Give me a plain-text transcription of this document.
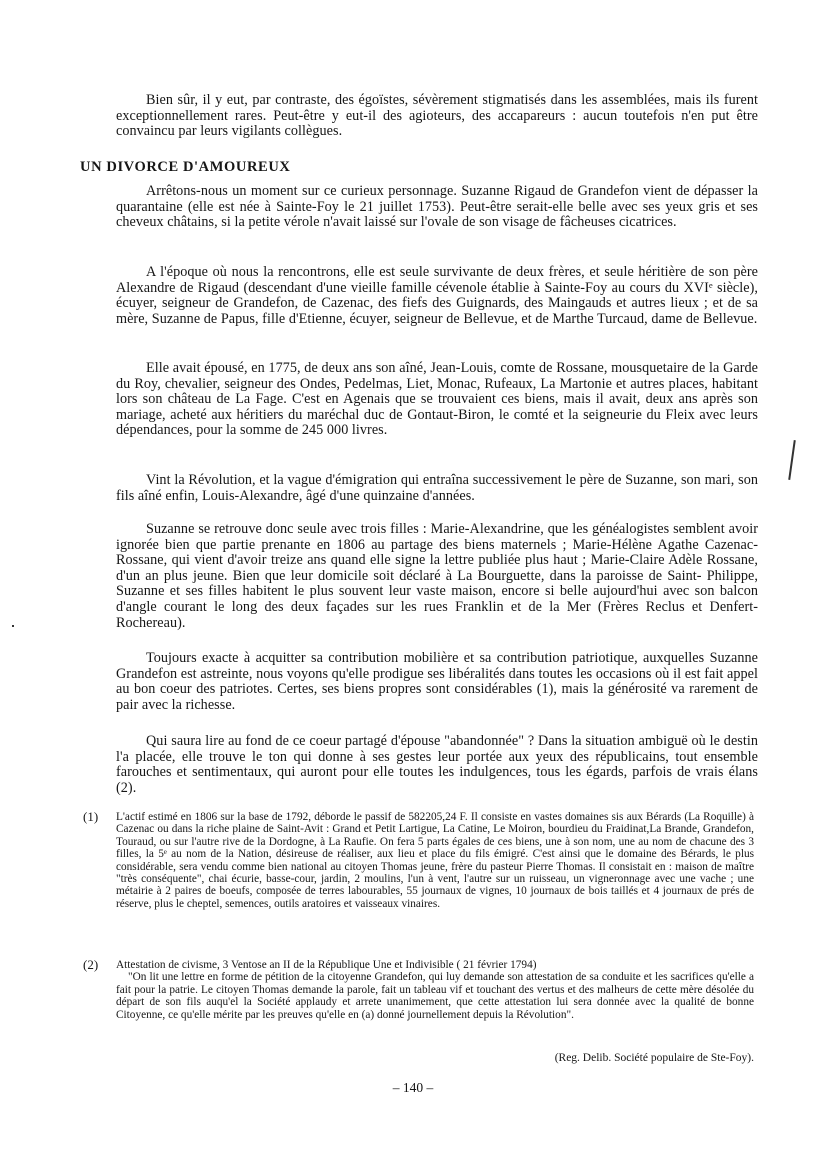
Bien sûr, il y eut, par contraste, des égoïstes, sévèrement stigmatisés dans les assemblées, mais ils furent exceptionnellement rares. Peut-être y eut-il des agioteurs, des accapareurs : aucun toutefois n'en put être convaincu par leurs vigilants collègues.

UN DIVORCE D'AMOUREUX

Arrêtons-nous un moment sur ce curieux personnage. Suzanne Rigaud de Grandefon vient de dépasser la quarantaine (elle est née à Sainte-Foy le 21 juillet 1753). Peut-être serait-elle belle avec ses yeux gris et ses cheveux châtains, si la petite vérole n'avait laissé sur l'ovale de son visage de fâcheuses cicatrices.

A l'époque où nous la rencontrons, elle est seule survivante de deux frères, et seule héritière de son père Alexandre de Rigaud (descendant d'une vieille famille cévenole établie à Sainte-Foy au cours du XVIᵉ siècle), écuyer, seigneur de Grandefon, de Cazenac, des fiefs des Guignards, des Maingauds et autres lieux ; et de sa mère, Suzanne de Papus, fille d'Etienne, écuyer, seigneur de Bellevue, et de Marthe Turcaud, dame de Bellevue.

Elle avait épousé, en 1775, de deux ans son aîné, Jean-Louis, comte de Rossane, mousquetaire de la Garde du Roy, chevalier, seigneur des Ondes, Pedelmas, Liet, Monac, Rufeaux, La Martonie et autres places, habitant lors son château de La Fage. C'est en Agenais que se trouvaient ces biens, mais il avait, deux ans après son mariage, acheté aux héritiers du maréchal duc de Gontaut-Biron, le comté et la seigneurie du Fleix avec leurs dépendances, pour la somme de 245 000 livres.

Vint la Révolution, et la vague d'émigration qui entraîna successivement le père de Suzanne, son mari, son fils aîné enfin, Louis-Alexandre, âgé d'une quinzaine d'années.

Suzanne se retrouve donc seule avec trois filles : Marie-Alexandrine, que les généalogistes semblent avoir ignorée bien que partie prenante en 1806 au partage des biens maternels ; Marie-Hélène Agathe Cazenac-Rossane, qui vient d'avoir treize ans quand elle signe la lettre publiée plus haut ; Marie-Claire Adèle Rossane, d'un an plus jeune. Bien que leur domicile soit déclaré à La Bourguette, dans la paroisse de Saint- Philippe, Suzanne et ses filles habitent le plus souvent leur vaste maison, encore si belle aujourd'hui avec son balcon d'angle courant le long des deux façades sur les rues Franklin et de la Mer (Frères Reclus et Denfert-Rochereau).

Toujours exacte à acquitter sa contribution mobilière et sa contribution patriotique, auxquelles Suzanne Grandefon est astreinte, nous voyons qu'elle prodigue ses libéralités dans toutes les occasions où il est fait appel au bon coeur des patriotes. Certes, ses biens propres sont considérables (1), mais la générosité va rarement de pair avec la richesse.

Qui saura lire au fond de ce coeur partagé d'épouse "abandonnée" ? Dans la situation ambiguë où le destin l'a placée, elle trouve le ton qui donne à ses gestes leur portée aux yeux des républicains, tout ensemble farouches et sentimentaux, qui auront pour elle toutes les indulgences, tous les égards, parfois de vrais élans (2).

(1) L'actif estimé en 1806 sur la base de 1792, déborde le passif de 582205,24 F. Il consiste en vastes domaines sis aux Bérards (La Roquille) à Cazenac ou dans la riche plaine de Saint-Avit : Grand et Petit Lartigue, La Catine, Le Moiron, bourdieu du Fraidinat,La Brande, Grandefon, Touraud, ou sur l'autre rive de la Dordogne, à La Raufie. On fera 5 parts égales de ces biens, une à son nom, une au nom de chacune des 3 filles, la 5ᵉ au nom de la Nation, désireuse de réaliser, aux lieu et place du fils émigré. C'est ainsi que le domaine des Bérards, le plus considérable, sera vendu comme bien national au citoyen Thomas jeune, frère du pasteur Pierre Thomas. Il consistait en : maison de maître "très conséquente", chai écurie, basse-cour, jardin, 2 moulins, l'un à vent, l'autre sur un ruisseau, un vigneronnage avec une vache ; une métairie à 2 paires de boeufs, composée de terres labourables, 55 journaux de vignes, 10 journaux de bois taillés et 4 journaux de prés de réserve, plus le cheptel, semences, outils aratoires et vaisseaux vinaires.
(2) Attestation de civisme, 3 Ventose an II de la République Une et Indivisible ( 21 février 1794)
"On lit une lettre en forme de pétition de la citoyenne Grandefon, qui luy demande son attestation de sa conduite et les sacrifices qu'elle a fait pour la patrie. Le citoyen Thomas demande la parole, fait un tableau vif et touchant des vertus et des malheurs de cette mère désolée du départ de son fils auqu'el la Société applaudy et arrete unanimement, que cette attestation lui sera donnée avec la qualité de bonne Citoyenne, ce qu'elle mérite par les preuves qu'elle en (a) donné journellement depuis la Révolution".
(Reg. Delib. Société populaire de Ste-Foy).
– 140 –
